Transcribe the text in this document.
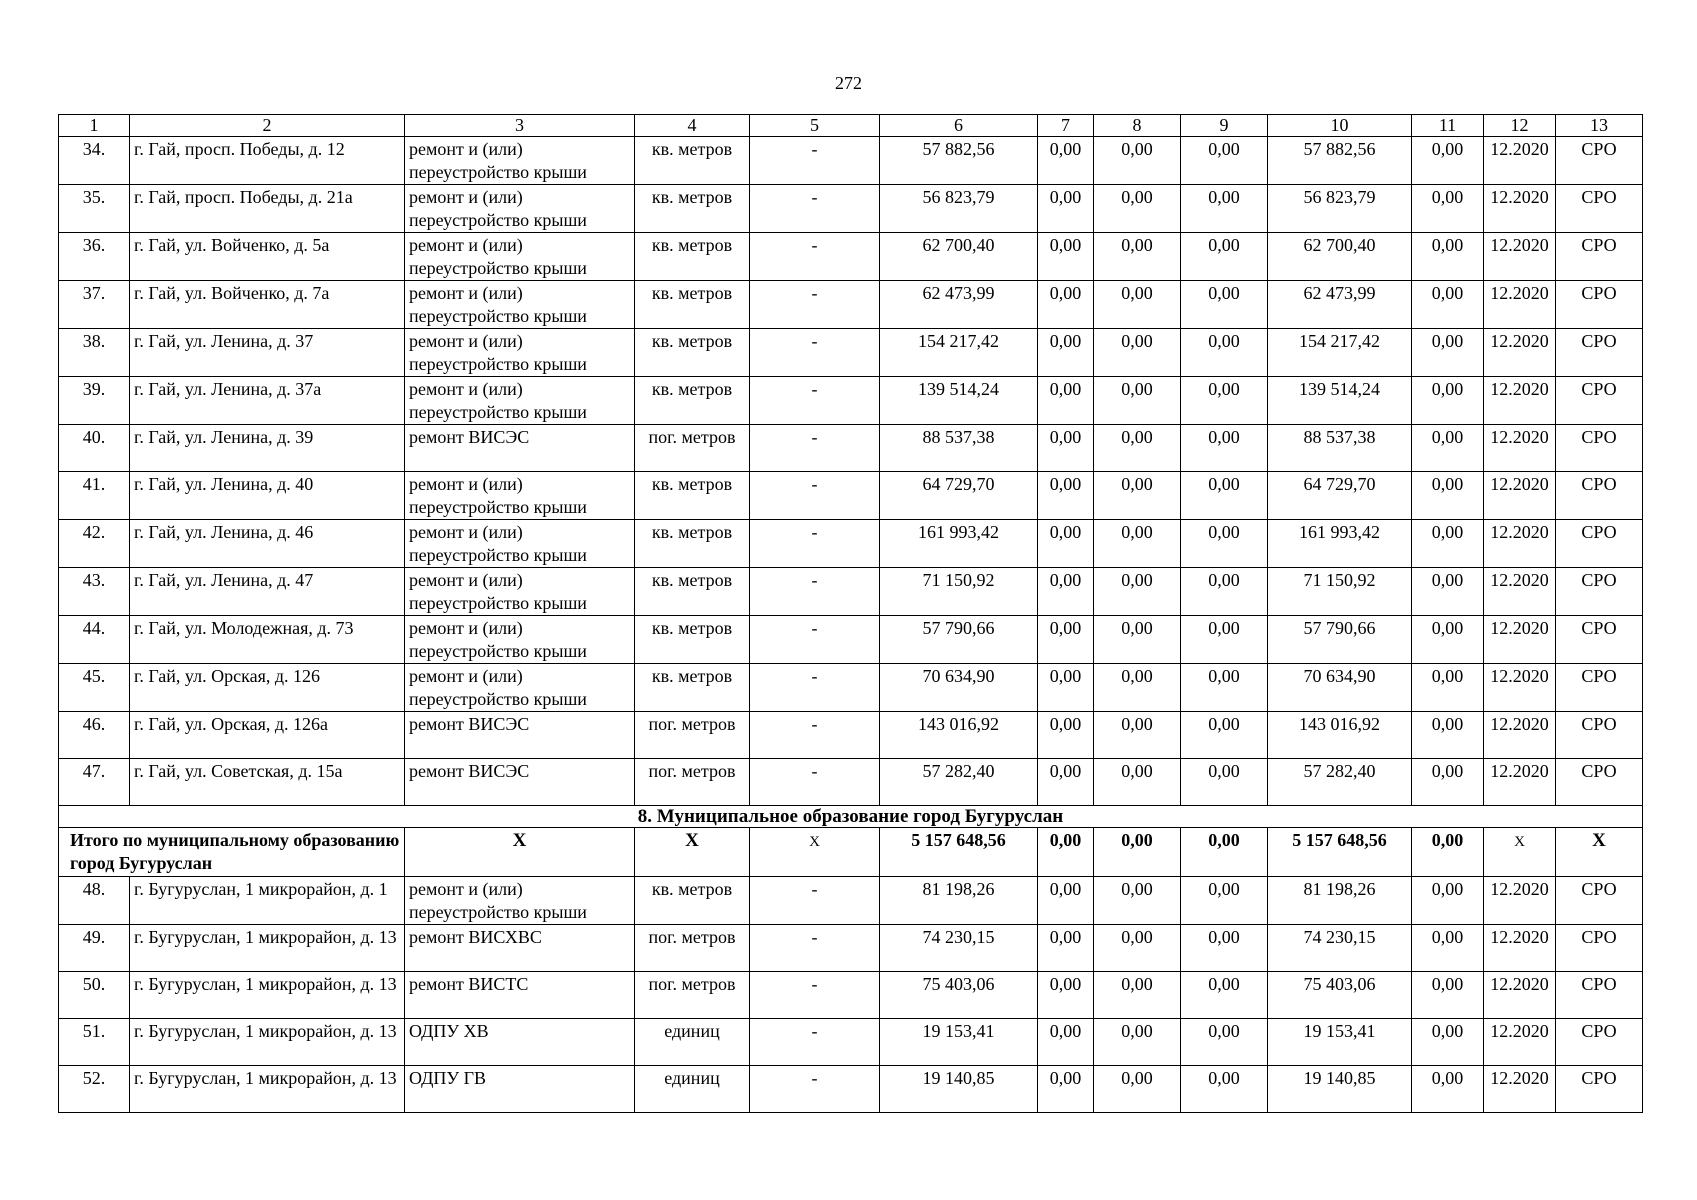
272
1	2	3	4	5	6	7	8	9	10	11	12	13
34.	г. Гай, просп. Победы, д. 12	ремонт и (или) переустройство крыши	кв. метров	-	57 882,56	0,00	0,00	0,00	57 882,56	0,00	12.2020	СРО
35.	г. Гай, просп. Победы, д. 21а	ремонт и (или) переустройство крыши	кв. метров	-	56 823,79	0,00	0,00	0,00	56 823,79	0,00	12.2020	СРО
36.	г. Гай, ул. Войченко, д. 5а	ремонт и (или) переустройство крыши	кв. метров	-	62 700,40	0,00	0,00	0,00	62 700,40	0,00	12.2020	СРО
37.	г. Гай, ул. Войченко, д. 7а	ремонт и (или) переустройство крыши	кв. метров	-	62 473,99	0,00	0,00	0,00	62 473,99	0,00	12.2020	СРО
38.	г. Гай, ул. Ленина, д. 37	ремонт и (или) переустройство крыши	кв. метров	-	154 217,42	0,00	0,00	0,00	154 217,42	0,00	12.2020	СРО
39.	г. Гай, ул. Ленина, д. 37а	ремонт и (или) переустройство крыши	кв. метров	-	139 514,24	0,00	0,00	0,00	139 514,24	0,00	12.2020	СРО
40.	г. Гай, ул. Ленина, д. 39	ремонт ВИСЭС	пог. метров	-	88 537,38	0,00	0,00	0,00	88 537,38	0,00	12.2020	СРО
41.	г. Гай, ул. Ленина, д. 40	ремонт и (или) переустройство крыши	кв. метров	-	64 729,70	0,00	0,00	0,00	64 729,70	0,00	12.2020	СРО
42.	г. Гай, ул. Ленина, д. 46	ремонт и (или) переустройство крыши	кв. метров	-	161 993,42	0,00	0,00	0,00	161 993,42	0,00	12.2020	СРО
43.	г. Гай, ул. Ленина, д. 47	ремонт и (или) переустройство крыши	кв. метров	-	71 150,92	0,00	0,00	0,00	71 150,92	0,00	12.2020	СРО
44.	г. Гай, ул. Молодежная, д. 73	ремонт и (или) переустройство крыши	кв. метров	-	57 790,66	0,00	0,00	0,00	57 790,66	0,00	12.2020	СРО
45.	г. Гай, ул. Орская, д. 126	ремонт и (или) переустройство крыши	кв. метров	-	70 634,90	0,00	0,00	0,00	70 634,90	0,00	12.2020	СРО
46.	г. Гай, ул. Орская, д. 126а	ремонт ВИСЭС	пог. метров	-	143 016,92	0,00	0,00	0,00	143 016,92	0,00	12.2020	СРО
47.	г. Гай, ул. Советская, д. 15а	ремонт ВИСЭС	пог. метров	-	57 282,40	0,00	0,00	0,00	57 282,40	0,00	12.2020	СРО
8. Муниципальное образование город Бугуруслан												
Итого по муниципальному образованию город Бугуруслан		Х	Х	Х	5 157 648,56	0,00	0,00	0,00	5 157 648,56	0,00	Х	Х
48.	г. Бугуруслан, 1 микрорайон, д. 1	ремонт и (или) переустройство крыши	кв. метров	-	81 198,26	0,00	0,00	0,00	81 198,26	0,00	12.2020	СРО
49.	г. Бугуруслан, 1 микрорайон, д. 13	ремонт ВИСХВС	пог. метров	-	74 230,15	0,00	0,00	0,00	74 230,15	0,00	12.2020	СРО
50.	г. Бугуруслан, 1 микрорайон, д. 13	ремонт ВИСТС	пог. метров	-	75 403,06	0,00	0,00	0,00	75 403,06	0,00	12.2020	СРО
51.	г. Бугуруслан, 1 микрорайон, д. 13	ОДПУ ХВ	единиц	-	19 153,41	0,00	0,00	0,00	19 153,41	0,00	12.2020	СРО
52.	г. Бугуруслан, 1 микрорайон, д. 13	ОДПУ ГВ	единиц	-	19 140,85	0,00	0,00	0,00	19 140,85	0,00	12.2020	СРО
